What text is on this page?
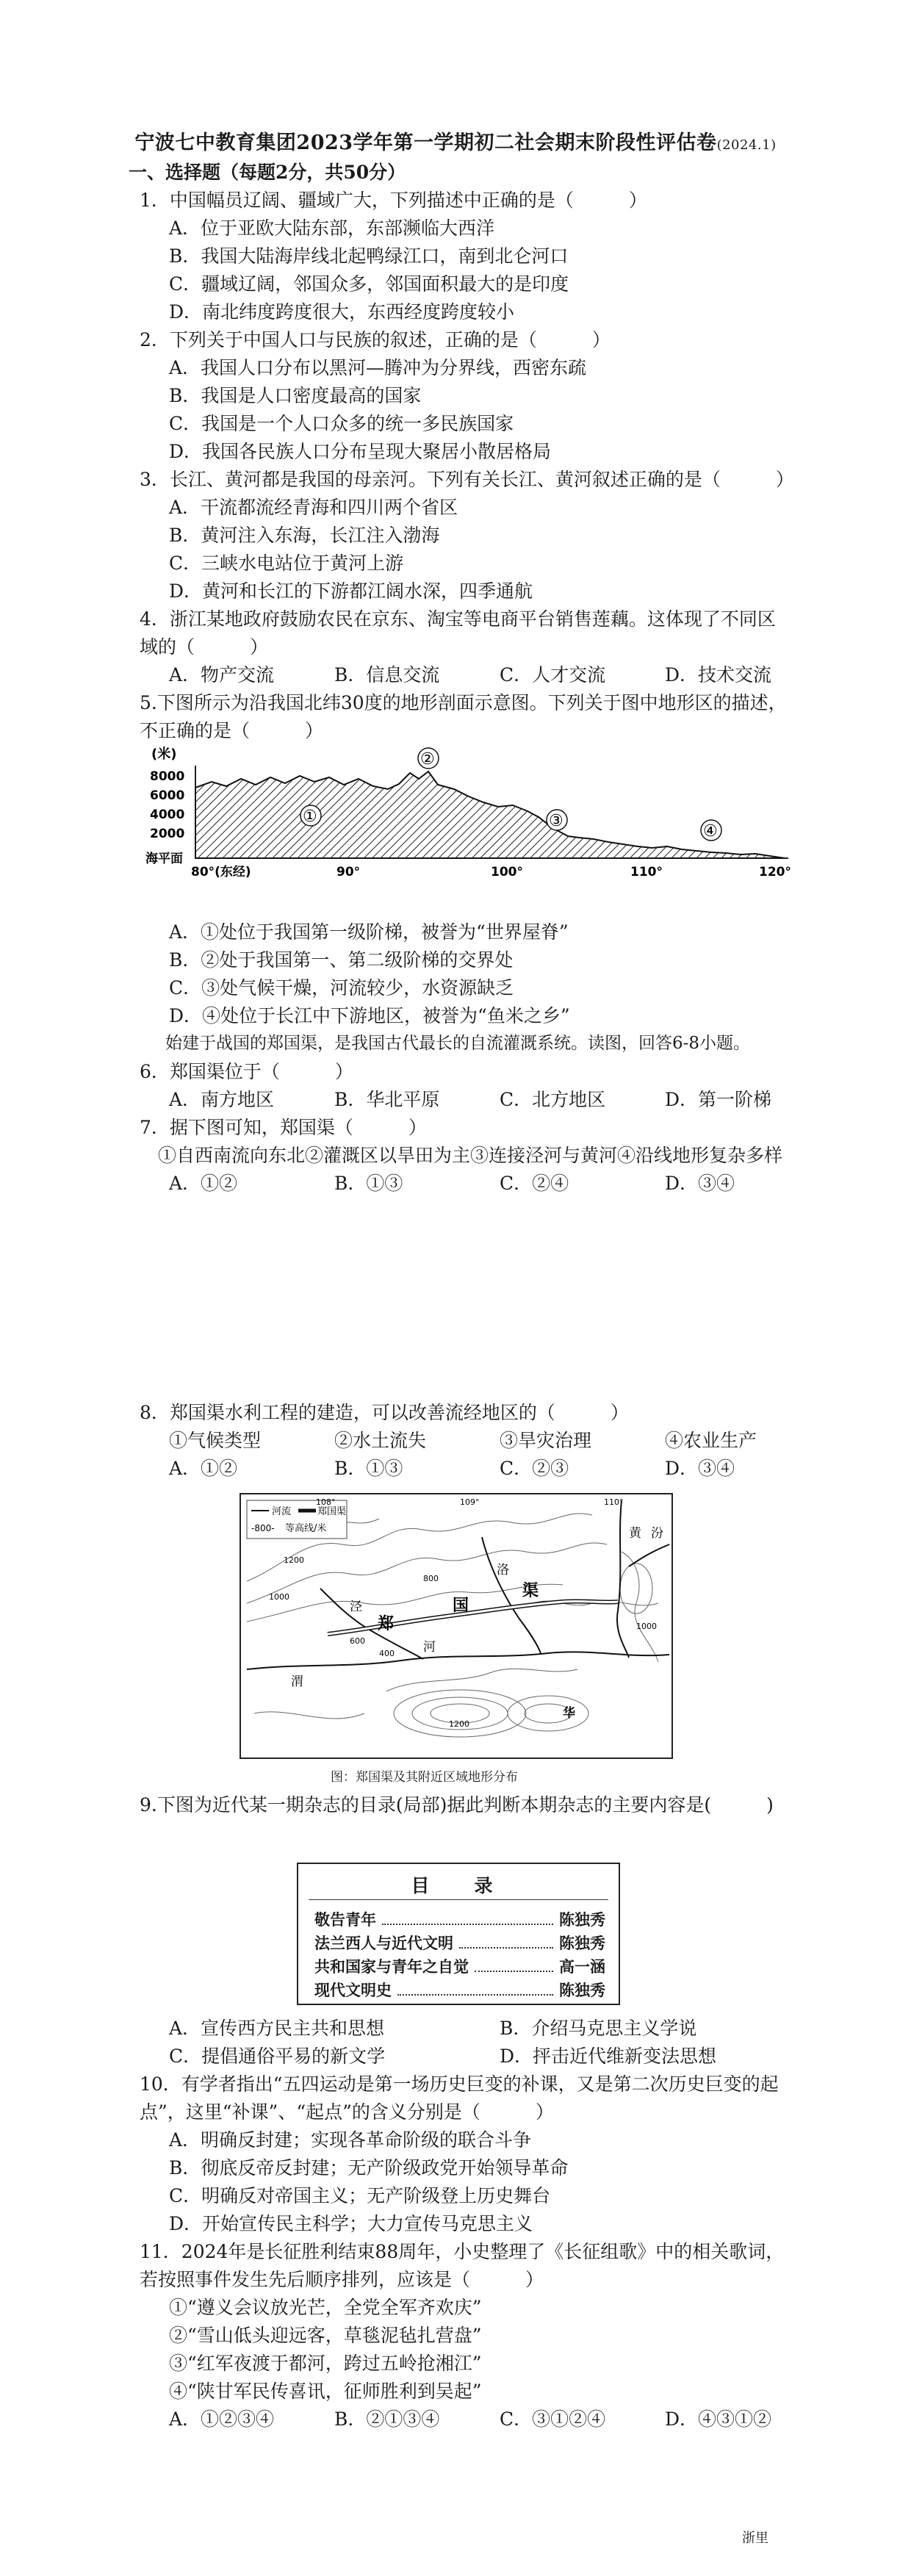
宁波七中教育集团2023学年第一学期初二社会期末阶段性评估卷(2024.1)
一、选择题（每题2分，共50分）
1．中国幅员辽阔、疆域广大，下列描述中正确的是（　　　）
A．位于亚欧大陆东部，东部濒临大西洋
B．我国大陆海岸线北起鸭绿江口，南到北仑河口
C．疆域辽阔，邻国众多，邻国面积最大的是印度
D．南北纬度跨度很大，东西经度跨度较小
2．下列关于中国人口与民族的叙述，正确的是（　　　）
A．我国人口分布以黑河—腾冲为分界线，西密东疏
B．我国是人口密度最高的国家
C．我国是一个人口众多的统一多民族国家
D．我国各民族人口分布呈现大聚居小散居格局
3．长江、黄河都是我国的母亲河。下列有关长江、黄河叙述正确的是（　　　）
A．干流都流经青海和四川两个省区
B．黄河注入东海，长江注入渤海
C．三峡水电站位于黄河上游
D．黄河和长江的下游都江阔水深，四季通航
4．浙江某地政府鼓励农民在京东、淘宝等电商平台销售莲藕。这体现了不同区
域的（　　　）
A．物产交流	B．信息交流	C．人才交流	D．技术交流
5.下图所示为沿我国北纬30度的地形剖面示意图。下列关于图中地形区的描述，
不正确的是（　　　）
(米)
8000
6000
4000
2000
海平面
①
②
③
④
80°(东经)	90°	100°	110°	120°
A．①处位于我国第一级阶梯，被誉为“世界屋脊”
B．②处于我国第一、第二级阶梯的交界处
C．③处气候干燥，河流较少，水资源缺乏
D．④处位于长江中下游地区，被誉为“鱼米之乡”
始建于战国的郑国渠，是我国古代最长的自流灌溉系统。读图，回答6-8小题。
6．郑国渠位于（　　　）
A．南方地区	B．华北平原	C．北方地区	D．第一阶梯
7．据下图可知，郑国渠（　　　）
①自西南流向东北②灌溉区以旱田为主③连接泾河与黄河④沿线地形复杂多样
A．①②	B．①③	C．②④	D．③④
8．郑国渠水利工程的建造，可以改善流经地区的（　　　）
①气候类型	②水土流失	③旱灾治理	④农业生产
A．①②	B．①③	C．②③	D．③④
河流	郑国渠
-800- 等高线/米
郑
国
渠
泾
渭
河
洛
黄
华
汾
1200
1000
800
600
400
1200
1000
108°	109°	110°
图：郑国渠及其附近区域地形分布
9.下图为近代某一期杂志的目录(局部)据此判断本期杂志的主要内容是(　　　)
目　录
敬告青年	陈独秀
法兰西人与近代文明	陈独秀
共和国家与青年之自觉	高一涵
现代文明史	陈独秀
A．宣传西方民主共和思想	B．介绍马克思主义学说
C．提倡通俗平易的新文学	D．抨击近代维新变法思想
10．有学者指出“五四运动是第一场历史巨变的补课，又是第二次历史巨变的起
点”，这里“补课”、“起点”的含义分别是（　　　）
A．明确反封建；实现各革命阶级的联合斗争
B．彻底反帝反封建；无产阶级政党开始领导革命
C．明确反对帝国主义；无产阶级登上历史舞台
D．开始宣传民主科学；大力宣传马克思主义
11．2024年是长征胜利结束88周年，小史整理了《长征组歌》中的相关歌词，
若按照事件发生先后顺序排列，应该是（　　　）
①“遵义会议放光芒，全党全军齐欢庆”
②“雪山低头迎远客，草毯泥毡扎营盘”
③“红军夜渡于都河，跨过五岭抢湘江”
④“陕甘军民传喜讯，征师胜利到吴起”
A．①②③④	B．②①③④	C．③①②④	D．④③①②
浙里
